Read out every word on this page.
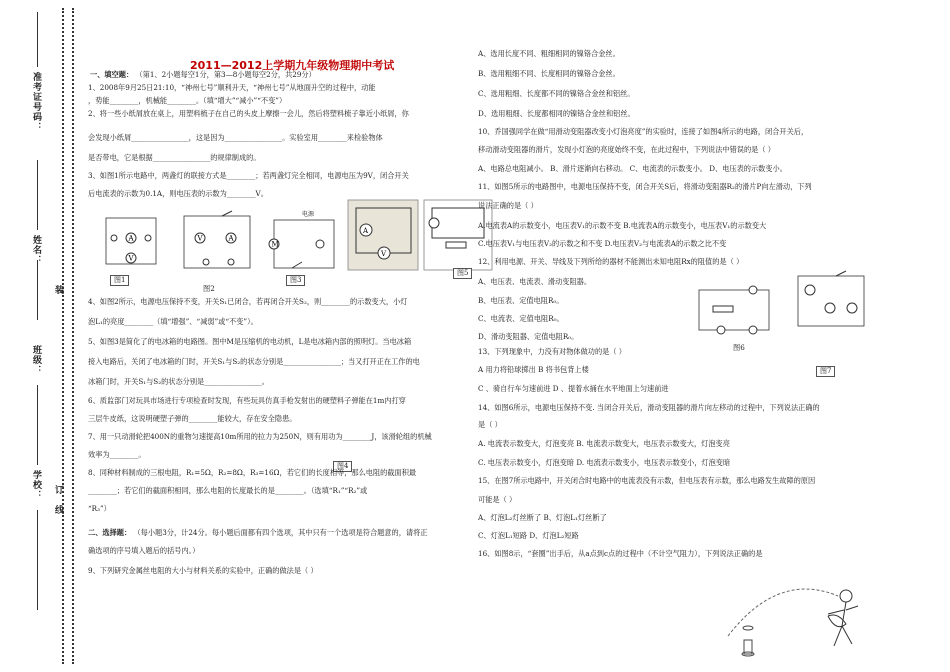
准考证号码：
姓名：
装
班级：
学校： 订
线
2011—2012上学期九年级物理期中考试
一、填空题： （第1、2小题每空1分，第3—8小题每空2分，共29分）
1、2008年9月25日21:10，“神州七号”顺利升天，“神州七号”从地面升空的过程中，动能
，势能________，机械能________。（填“增大”“减小”“不变”）
2、将一些小纸屑放在桌上，用塑料梳子在自己的头皮上摩擦一会儿，然后将塑料梳子靠近小纸屑，你
会发现小纸屑________________，这是因为________________。实验室用________来检验物体
是否带电，它是根据________________的规律制成的。
3、如图1所示电路中，两盏灯的联接方式是________；若两盏灯完全相同，电源电压为9V，闭合开关
后电流表的示数为0.1A，则电压表的示数为________V。
A
V
图1
V	A
图2
M
电源
图3
A
V
图5
4、如图2所示，电源电压保持不变，开关S₁已闭合，若再闭合开关S₂，则________的示数变大，小灯
泡L₁的亮度________（填“增强”、“减弱”或“不变”）。
5、如图3是简化了的电冰箱的电路图。图中M是压缩机的电动机，L是电冰箱内部的照明灯。当电冰箱
接入电路后，关闭了电冰箱的门时，开关S₁与S₂的状态分别是________________；当又打开正在工作的电
冰箱门时，开关S₁与S₂的状态分别是________________。
6、质监部门对玩具市场进行专项检查时发现，有些玩具仿真手枪发射出的硬塑料子弹能在1m内打穿
三层牛皮纸，这说明硬塑子弹的________能较大，存在安全隐患。
7、用一只动滑轮把400N的重物匀速提高10m所用的拉力为250N，则有用功为________J，该滑轮组的机械
效率为________。
图4
8、同种材料制成的三根电阻，R₁=5Ω，R₂=8Ω，R₃=16Ω，若它们的长度相等，那么电阻的截面积最
________；若它们的截面积相同，那么电阻的长度最长的是________。（选填“R₁”“R₂”或
“R₃”）
二、选择题： （每小题3分，计24分。每小题后面都有四个选项，其中只有一个选项是符合题意的，请将正
确选项的序号填入题后的括号内。）
9、下列研究金属丝电阻的大小与材料关系的实验中，正确的做法是（ ）
A、选用长度不同、粗细相同的镍铬合金丝。
B、选用粗细不同、长度相同的镍铬合金丝。
C、选用粗细、长度都不同的镍铬合金丝和铝丝。
D、选用粗细、长度都相同的镍铬合金丝和铝丝。
10、乔国强同学在做“用滑动变阻器改变小灯泡亮度”的实验时，连接了如图4所示的电路，闭合开关后，
移动滑动变阻器的滑片，发现小灯泡的亮度始终不变，在此过程中，下列说法中错误的是（ ）
A、电路总电阻减小。 B、滑片逐渐向右移动。 C、电流表的示数变小。 D、电压表的示数变小。
11、如图5所示的电路图中，电源电压保持不变，闭合开关S后，将滑动变阻器R₂的滑片P向左滑动，下列
说法正确的是（ ）
A.电流表A的示数变小，电压表V₁的示数不变 B.电流表A的示数变小，电压表V₁的示数变大
C.电压表V₁与电压表V₂的示数之和不变 D.电压表V₂与电流表A的示数之比不变
12、利用电源、开关、导线及下列所给的器材不能测出未知电阻Rx的阻值的是（ ）
A、电压表、电流表、滑动变阻器。
B、电压表、定值电阻R₀。
C、电流表、定值电阻R₀。
D、滑动变阻器、定值电阻R₀。
图6
图7
13、下列现象中，力没有对物体做功的是（ ）
A 用力将铅球掷出 B 将书包背上楼
C 、骑自行车匀速前进 D 、提着水捅在水平地面上匀速前进
14、如图6所示，电源电压保持不变. 当闭合开关后，滑动变阻器的滑片向左移动的过程中，下列说法正确的
是（ ）
A. 电流表示数变大，灯泡变亮 B. 电流表示数变大，电压表示数变大，灯泡变亮
C. 电压表示数变小，灯泡变暗 D. 电流表示数变小，电压表示数变小，灯泡变暗
15、在图7所示电路中，开关闭合时电路中的电流表没有示数，但电压表有示数，那么电路发生故障的原因
可能是（ ）
A、灯泡L₂灯丝断了 B、灯泡L₁灯丝断了
C、灯泡L₁短路 D、灯泡L₂短路
16、如图8示，“套圈”出手后，从a点到c点的过程中（不计空气阻力），下列说法正确的是
